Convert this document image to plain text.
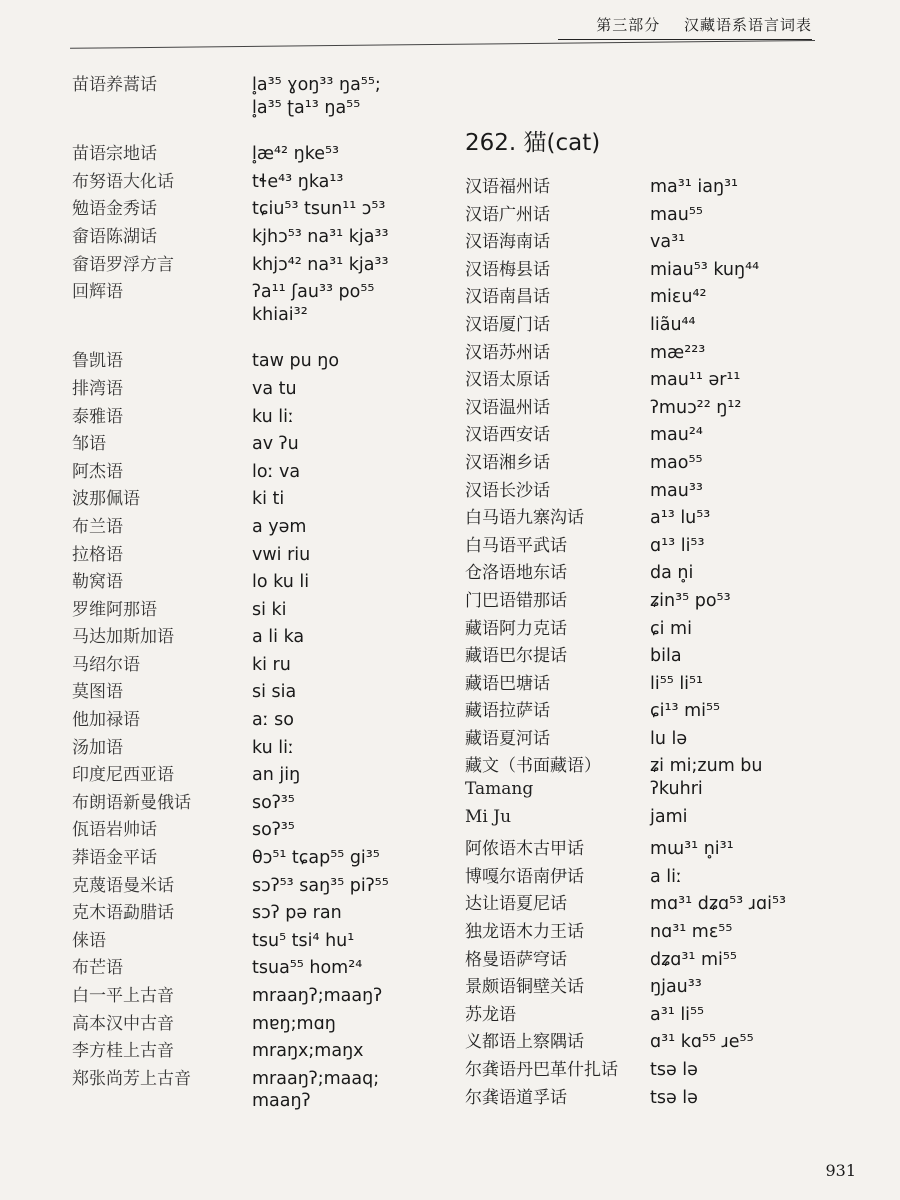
第三部分 汉藏语系语言词表
苗语养蒿话	l̥a³⁵ ɣoŋ³³ ŋa⁵⁵;
l̥a³⁵ ʈa¹³ ŋa⁵⁵
苗语宗地话	l̥æ⁴² ŋke⁵³
布努语大化话	tɬe⁴³ ŋka¹³
勉语金秀话	tɕiu⁵³ tsun¹¹ ɔ⁵³
畲语陈湖话	kjhɔ⁵³ na³¹ kja³³
畲语罗浮方言	khjɔ⁴² na³¹ kja³³
回辉语	ʔa¹¹ ʃau³³ po⁵⁵
khiai³²
鲁凯语	taw pu ŋo
排湾语	va tu
泰雅语	ku liː
邹语	av ʔu
阿杰语	loː va
波那佩语	ki ti
布兰语	a yəm
拉格语	vwi riu
勒窝语	lo ku li
罗维阿那语	si ki
马达加斯加语	a li ka
马绍尔语	ki ru
莫图语	si sia
他加禄语	aː so
汤加语	ku liː
印度尼西亚语	an jiŋ
布朗语新曼俄话	soʔ³⁵
佤语岩帅话	soʔ³⁵
莽语金平话	θɔ⁵¹ tɕap⁵⁵ gi³⁵
克蔑语曼米话	sɔʔ⁵³ saŋ³⁵ piʔ⁵⁵
克木语勐腊话	sɔʔ pə ran
俫语	tsu⁵ tsi⁴ hu¹
布芒语	tsua⁵⁵ hom²⁴
白一平上古音	mraaŋʔ;maaŋʔ
高本汉中古音	mɐŋ;mɑŋ
李方桂上古音	mraŋx;maŋx
郑张尚芳上古音	mraaŋʔ;maaq;
maaŋʔ
262. 猫(cat)
汉语福州话	ma³¹ iaŋ³¹
汉语广州话	mau⁵⁵
汉语海南话	va³¹
汉语梅县话	miau⁵³ kuŋ⁴⁴
汉语南昌话	miɛu⁴²
汉语厦门话	liãu⁴⁴
汉语苏州话	mæ²²³
汉语太原话	mau¹¹ ər¹¹
汉语温州话	ʔmuɔ²² ŋ¹²
汉语西安话	mau²⁴
汉语湘乡话	mao⁵⁵
汉语长沙话	mau³³
白马语九寨沟话	a¹³ lu⁵³
白马语平武话	ɑ¹³ li⁵³
仓洛语地东话	da n̥i
门巴语错那话	ʑin³⁵ po⁵³
藏语阿力克话	ɕi mi
藏语巴尔提话	bila
藏语巴塘话	li⁵⁵ li⁵¹
藏语拉萨话	ɕi¹³ mi⁵⁵
藏语夏河话	lu lə
藏文（书面藏语）	ʑi mi;zum bu
Tamang	ʔkuhri
Mi Ju	jami
阿侬语木古甲话	mɯ³¹ n̥i³¹
博嘎尔语南伊话	a liː
达让语夏尼话	mɑ³¹ dʑɑ⁵³ ɹɑi⁵³
独龙语木力王话	nɑ³¹ mɛ⁵⁵
格曼语萨穹话	dʑɑ³¹ mi⁵⁵
景颇语铜壁关话	ŋjau³³
苏龙语	a³¹ li⁵⁵
义都语上察隅话	ɑ³¹ kɑ⁵⁵ ɹe⁵⁵
尔龚语丹巴革什扎话	tsə lə
尔龚语道孚话	tsə lə
931
